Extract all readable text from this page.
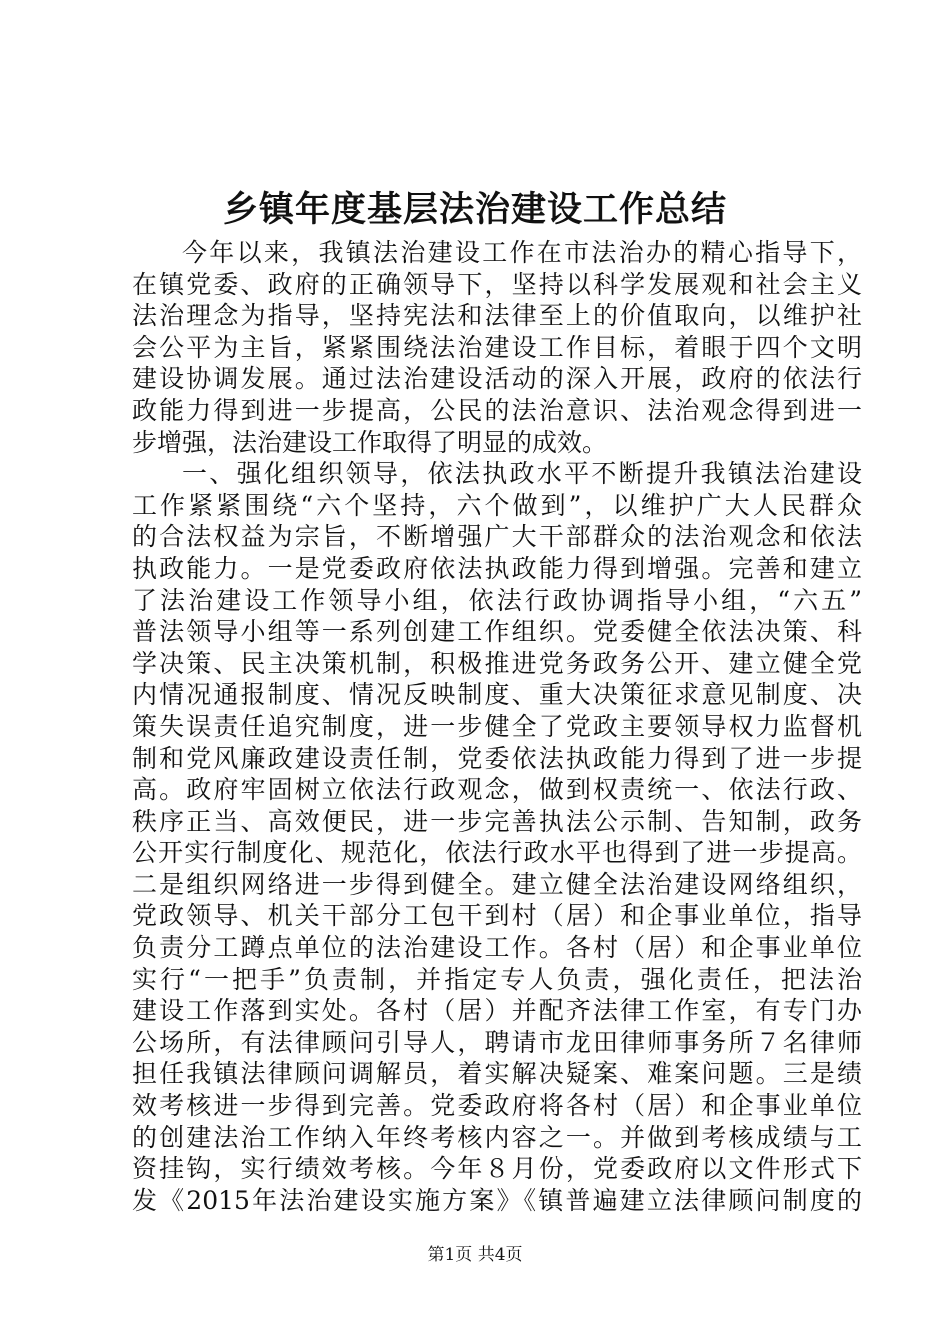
乡镇年度基层法治建设工作总结
今年以来，我镇法治建设工作在市法治办的精心指导下，
在镇党委、政府的正确领导下，坚持以科学发展观和社会主义
法治理念为指导，坚持宪法和法律至上的价值取向，以维护社
会公平为主旨，紧紧围绕法治建设工作目标，着眼于四个文明
建设协调发展。通过法治建设活动的深入开展，政府的依法行
政能力得到进一步提高，公民的法治意识、法治观念得到进一
步增强，法治建设工作取得了明显的成效。
一、强化组织领导，依法执政水平不断提升我镇法治建设
工作紧紧围绕“六个坚持，六个做到”，以维护广大人民群众
的合法权益为宗旨，不断增强广大干部群众的法治观念和依法
执政能力。一是党委政府依法执政能力得到增强。完善和建立
了法治建设工作领导小组，依法行政协调指导小组，“六五”
普法领导小组等一系列创建工作组织。党委健全依法决策、科
学决策、民主决策机制，积极推进党务政务公开、建立健全党
内情况通报制度、情况反映制度、重大决策征求意见制度、决
策失误责任追究制度，进一步健全了党政主要领导权力监督机
制和党风廉政建设责任制，党委依法执政能力得到了进一步提
高。政府牢固树立依法行政观念，做到权责统一、依法行政、
秩序正当、高效便民，进一步完善执法公示制、告知制，政务
公开实行制度化、规范化，依法行政水平也得到了进一步提高。
二是组织网络进一步得到健全。建立健全法治建设网络组织，
党政领导、机关干部分工包干到村（居）和企事业单位，指导
负责分工蹲点单位的法治建设工作。各村（居）和企事业单位
实行“一把手”负责制，并指定专人负责，强化责任，把法治
建设工作落到实处。各村（居）并配齐法律工作室，有专门办
公场所，有法律顾问引导人，聘请市龙田律师事务所７名律师
担任我镇法律顾问调解员，着实解决疑案、难案问题。三是绩
效考核进一步得到完善。党委政府将各村（居）和企事业单位
的创建法治工作纳入年终考核内容之一。并做到考核成绩与工
资挂钩，实行绩效考核。今年８月份，党委政府以文件形式下
发《2015年法治建设实施方案》《镇普遍建立法律顾问制度的
第1页 共4页
